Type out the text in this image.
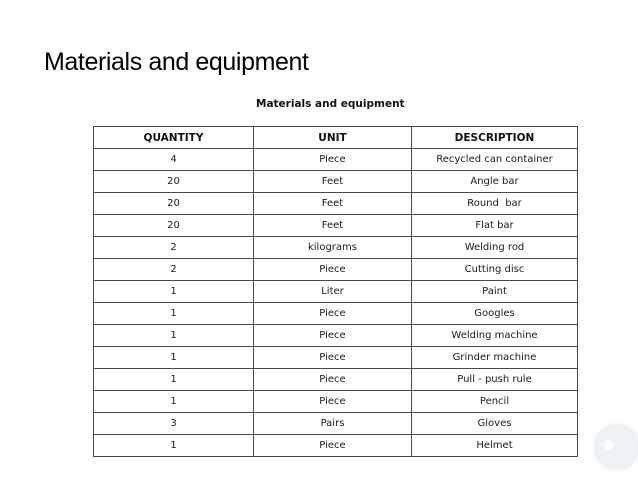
Materials and equipment
Materials and equipment
QUANTITY	UNIT	DESCRIPTION
4	Piece	Recycled can container
20	Feet	Angle bar
20	Feet	Round  bar
20	Feet	Flat bar
2	kilograms	Welding rod
2	Piece	Cutting disc
1	Liter	Paint
1	Piece	Googles
1	Piece	Welding machine
1	Piece	Grinder machine
1	Piece	Pull - push rule
1	Piece	Pencil
3	Pairs	Gloves
1	Piece	Helmet
